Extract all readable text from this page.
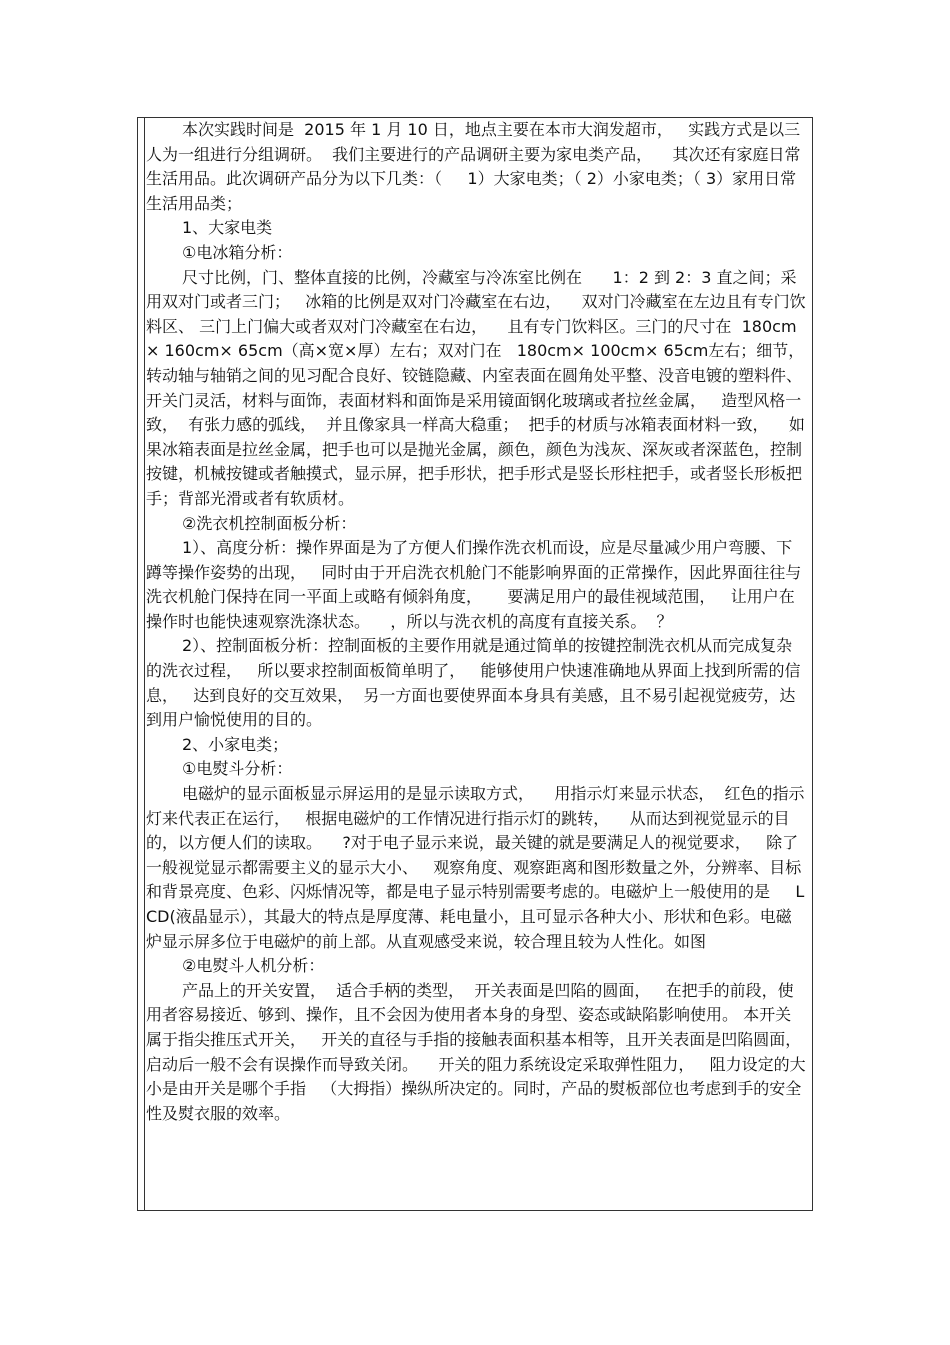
本次实践时间是  2015 年 1 月 10 日，地点主要在本市大润发超市，   实践方式是以三人为一组进行分组调研。  我们主要进行的产品调研主要为家电类产品，    其次还有家庭日常生活用品。此次调研产品分为以下几类：（     1）大家电类；（ 2）小家电类；（ 3）家用日常生活用品类；

1、大家电类

①电冰箱分析：

尺寸比例，门、整体直接的比例，冷藏室与冷冻室比例在      1：2 到 2：3 直之间；采用双对门或者三门；   冰箱的比例是双对门冷藏室在右边，    双对门冷藏室在左边且有专门饮料区、 三门上门偏大或者双对门冷藏室在右边，    且有专门饮料区。三门的尺寸在  180cm× 160cm× 65cm（高×宽×厚）左右；双对门在   180cm× 100cm× 65cm左右；细节，转动轴与轴销之间的见习配合良好、铰链隐藏、内室表面在圆角处平整、没音电镀的塑料件、开关门灵活，材料与面饰，表面材料和面饰是采用镜面钢化玻璃或者拉丝金属，   造型风格一致，  有张力感的弧线，  并且像家具一样高大稳重；  把手的材质与冰箱表面材料一致，    如果冰箱表面是拉丝金属，把手也可以是抛光金属，颜色，颜色为浅灰、深灰或者深蓝色，控制按键，机械按键或者触摸式，显示屏，把手形状，把手形式是竖长形柱把手，或者竖长形板把手；背部光滑或者有软质材。

②洗衣机控制面板分析：

1）、高度分析：操作界面是为了方便人们操作洗衣机而设，应是尽量减少用户弯腰、下蹲等操作姿势的出现，   同时由于开启洗衣机舱门不能影响界面的正常操作，因此界面往往与洗衣机舱门保持在同一平面上或略有倾斜角度，     要满足用户的最佳视域范围，   让用户在操作时也能快速观察洗涤状态。    ，所以与洗衣机的高度有直接关系。  ？

2）、控制面板分析：控制面板的主要作用就是通过简单的按键控制洗衣机从而完成复杂的洗衣过程，   所以要求控制面板简单明了，   能够使用户快速准确地从界面上找到所需的信息，   达到良好的交互效果，  另一方面也要使界面本身具有美感，且不易引起视觉疲劳，达到用户愉悦使用的目的。

2、小家电类；

①电熨斗分析：

电磁炉的显示面板显示屏运用的是显示读取方式，    用指示灯来显示状态，  红色的指示灯来代表正在运行，   根据电磁炉的工作情况进行指示灯的跳转，    从而达到视觉显示的目的，以方便人们的读取。    ?对于电子显示来说，最关键的就是要满足人的视觉要求，   除了一般视觉显示都需要主义的显示大小、   观察角度、观察距离和图形数量之外，分辨率、目标和背景亮度、色彩、闪烁情况等，都是电子显示特别需要考虑的。电磁炉上一般使用的是     LCD(液晶显示），其最大的特点是厚度薄、耗电量小，且可显示各种大小、形状和色彩。电磁炉显示屏多位于电磁炉的前上部。从直观感受来说，较合理且较为人性化。如图

②电熨斗人机分析：

产品上的开关安置，  适合手柄的类型，  开关表面是凹陷的圆面，   在把手的前段，使用者容易接近、够到、操作，且不会因为使用者本身的身型、姿态或缺陷影响使用。 本开关属于指尖推压式开关，   开关的直径与手指的接触表面积基本相等，且开关表面是凹陷圆面，   启动后一般不会有误操作而导致关闭。    开关的阻力系统设定采取弹性阻力，   阻力设定的大小是由开关是哪个手指   （大拇指）操纵所决定的。同时，产品的熨板部位也考虑到手的安全性及熨衣服的效率。
